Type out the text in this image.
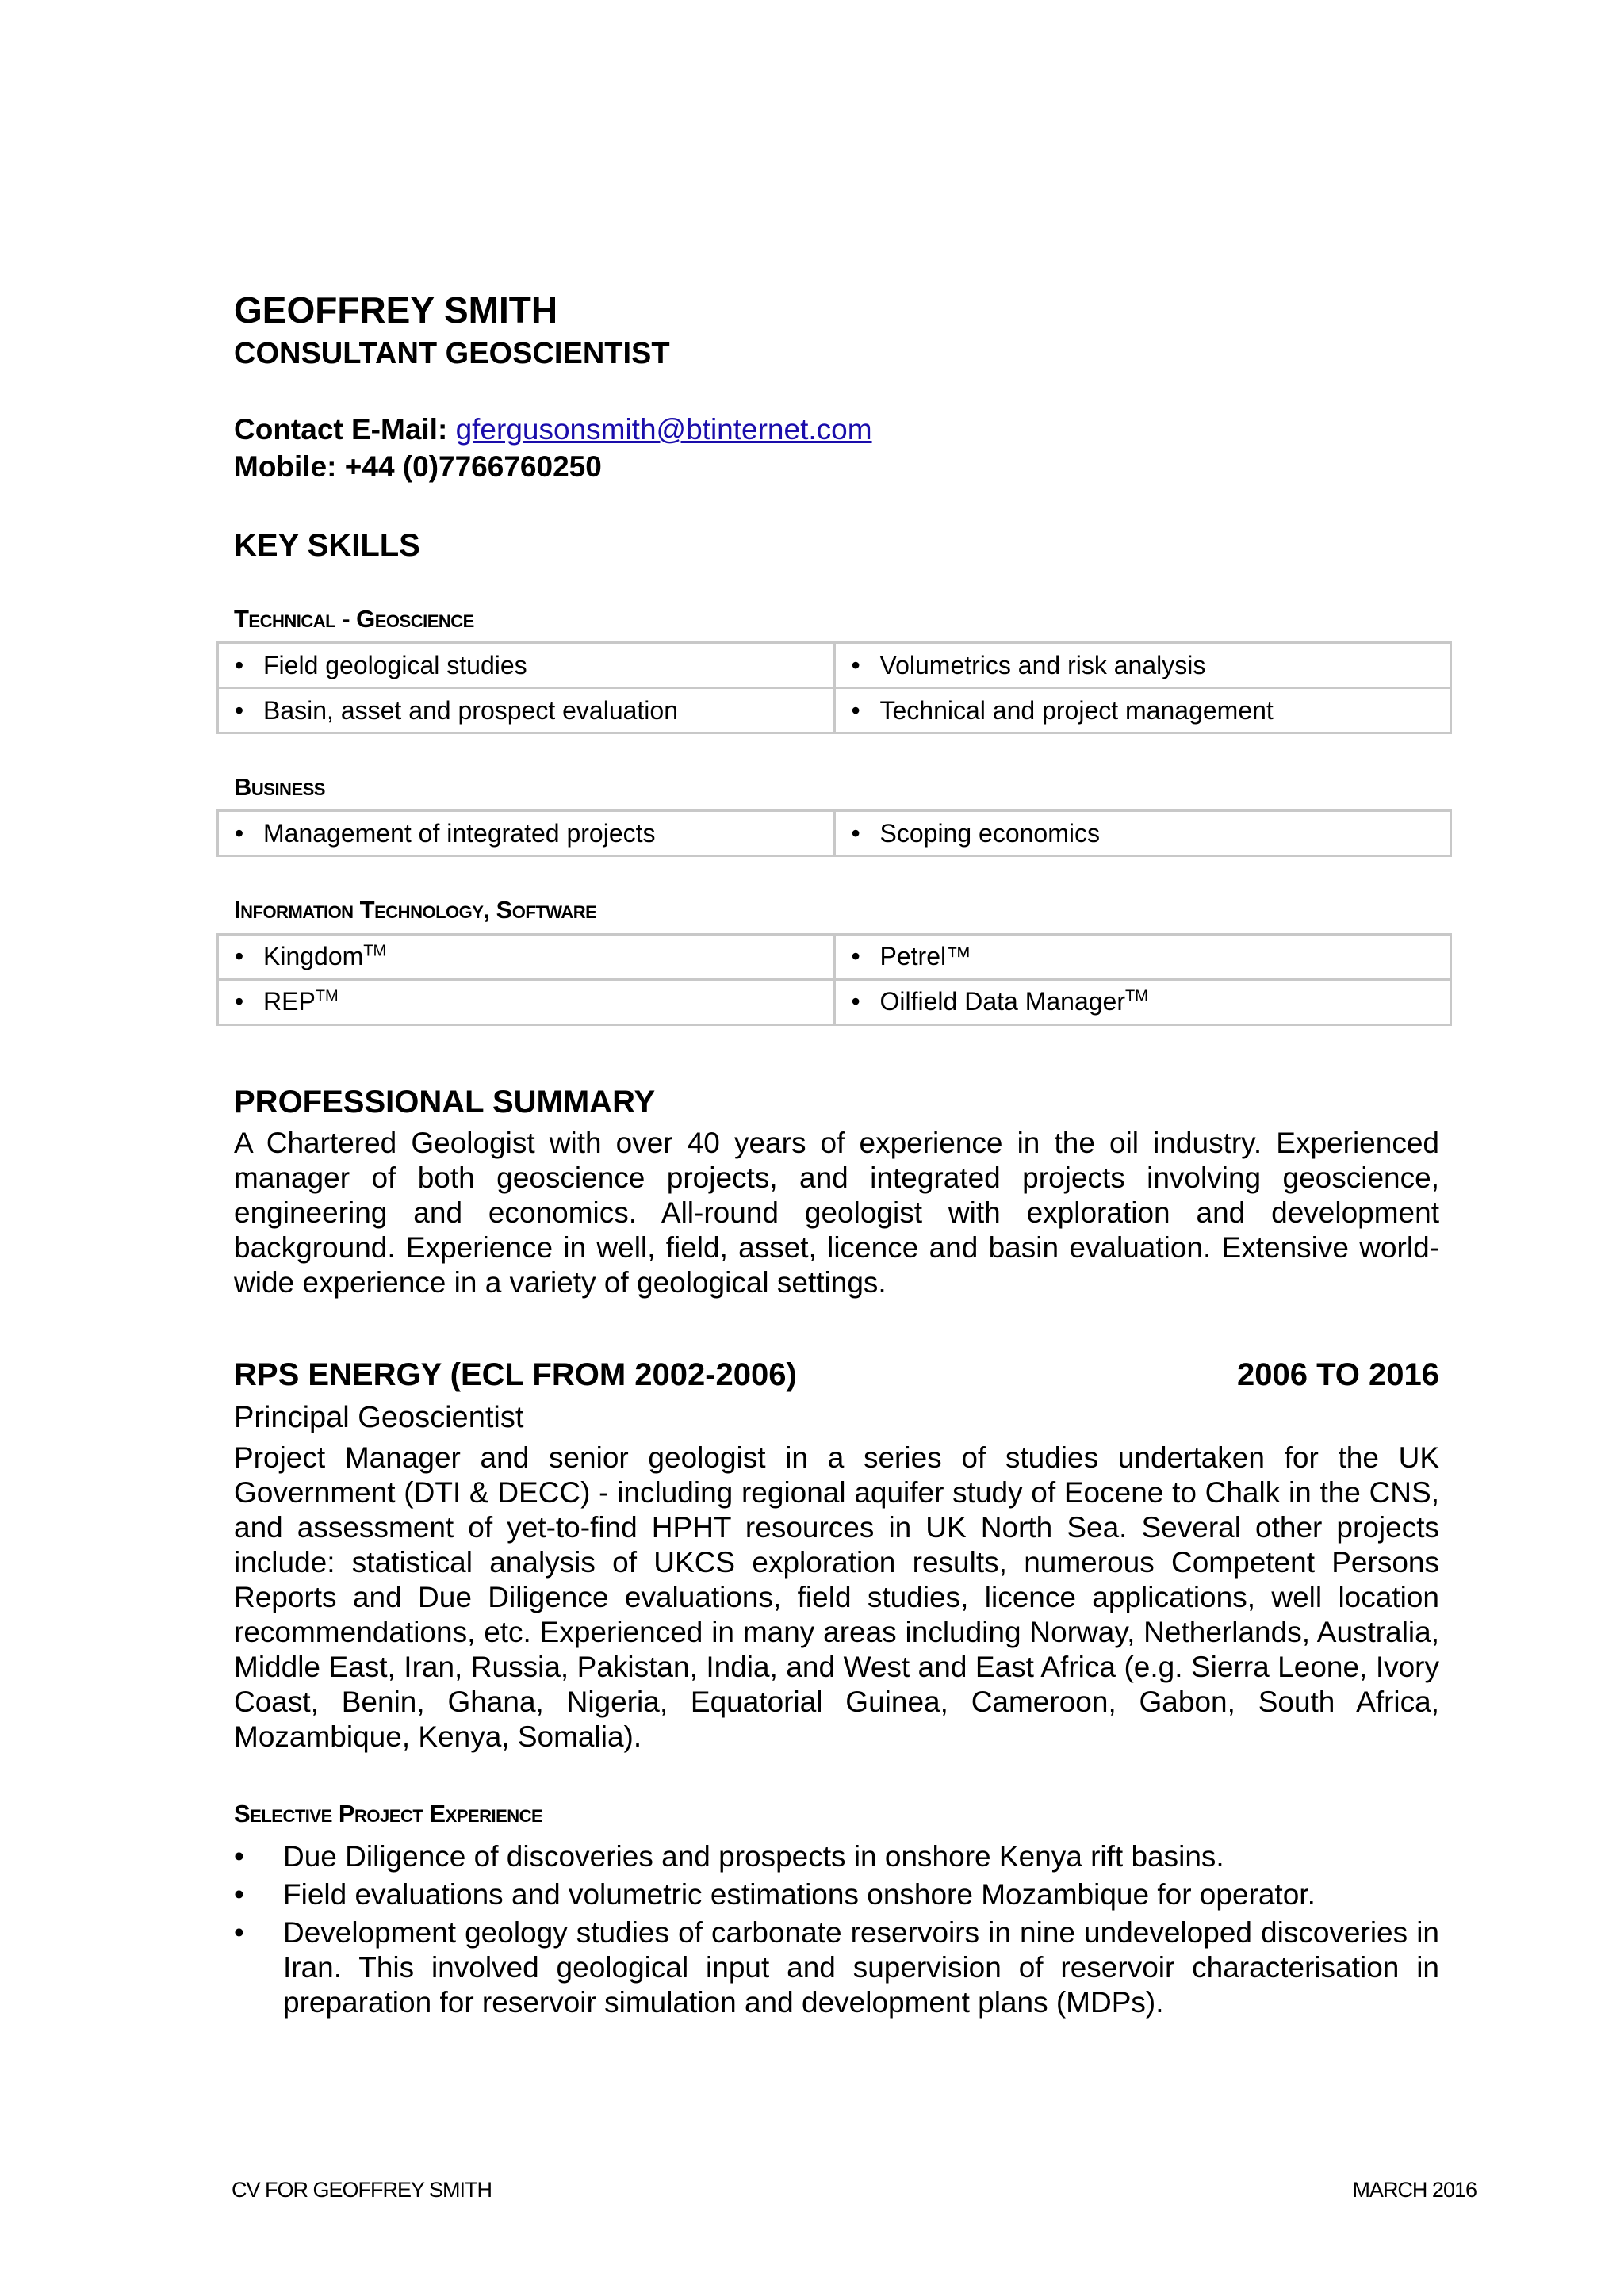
GEOFFREY SMITH
CONSULTANT GEOSCIENTIST
Contact E-Mail: gfergusonsmith@btinternet.com
Mobile: +44 (0)7766760250
KEY SKILLS
Technical - Geoscience
• Field geological studies	• Volumetrics and risk analysis
• Basin, asset and prospect evaluation	• Technical and project management
Business
• Management of integrated projects	•Scoping economics
Information Technology, Software
• Kingdom™	• Petrel™
• REP™	•Oilfield Data Manager™
PROFESSIONAL SUMMARY

A Chartered Geologist with over 40 years of experience in the oil industry. Experienced manager of both geoscience projects, and integrated projects involving geoscience, engineering and economics. All-round geologist with exploration and development background. Experience in well, field, asset, licence and basin evaluation. Extensive world-wide experience in a variety of geological settings.

RPS ENERGY (ECL FROM 2002-2006)	2006 TO 2016
Principal Geoscientist

Project Manager and senior geologist in a series of studies undertaken for the UK Government (DTI & DECC) - including regional aquifer study of Eocene to Chalk in the CNS, and assessment of yet-to-find HPHT resources in UK North Sea. Several other projects include: statistical analysis of UKCS exploration results, numerous Competent Persons Reports and Due Diligence evaluations, field studies, licence applications, well location recommendations, etc. Experienced in many areas including Norway, Netherlands, Australia, Middle East, Iran, Russia, Pakistan, India, and West and East Africa (e.g. Sierra Leone, Ivory Coast, Benin, Ghana, Nigeria, Equatorial Guinea, Cameroon, Gabon, South Africa, Mozambique, Kenya, Somalia).

Selective Project Experience
• Due Diligence of discoveries and prospects in onshore Kenya rift basins.
• Field evaluations and volumetric estimations onshore Mozambique for operator.
• Development geology studies of carbonate reservoirs in nine undeveloped discoveries in Iran. This involved geological input and supervision of reservoir characterisation in preparation for reservoir simulation and development plans (MDPs).
CV FOR GEOFFREY SMITH	MARCH 2016
